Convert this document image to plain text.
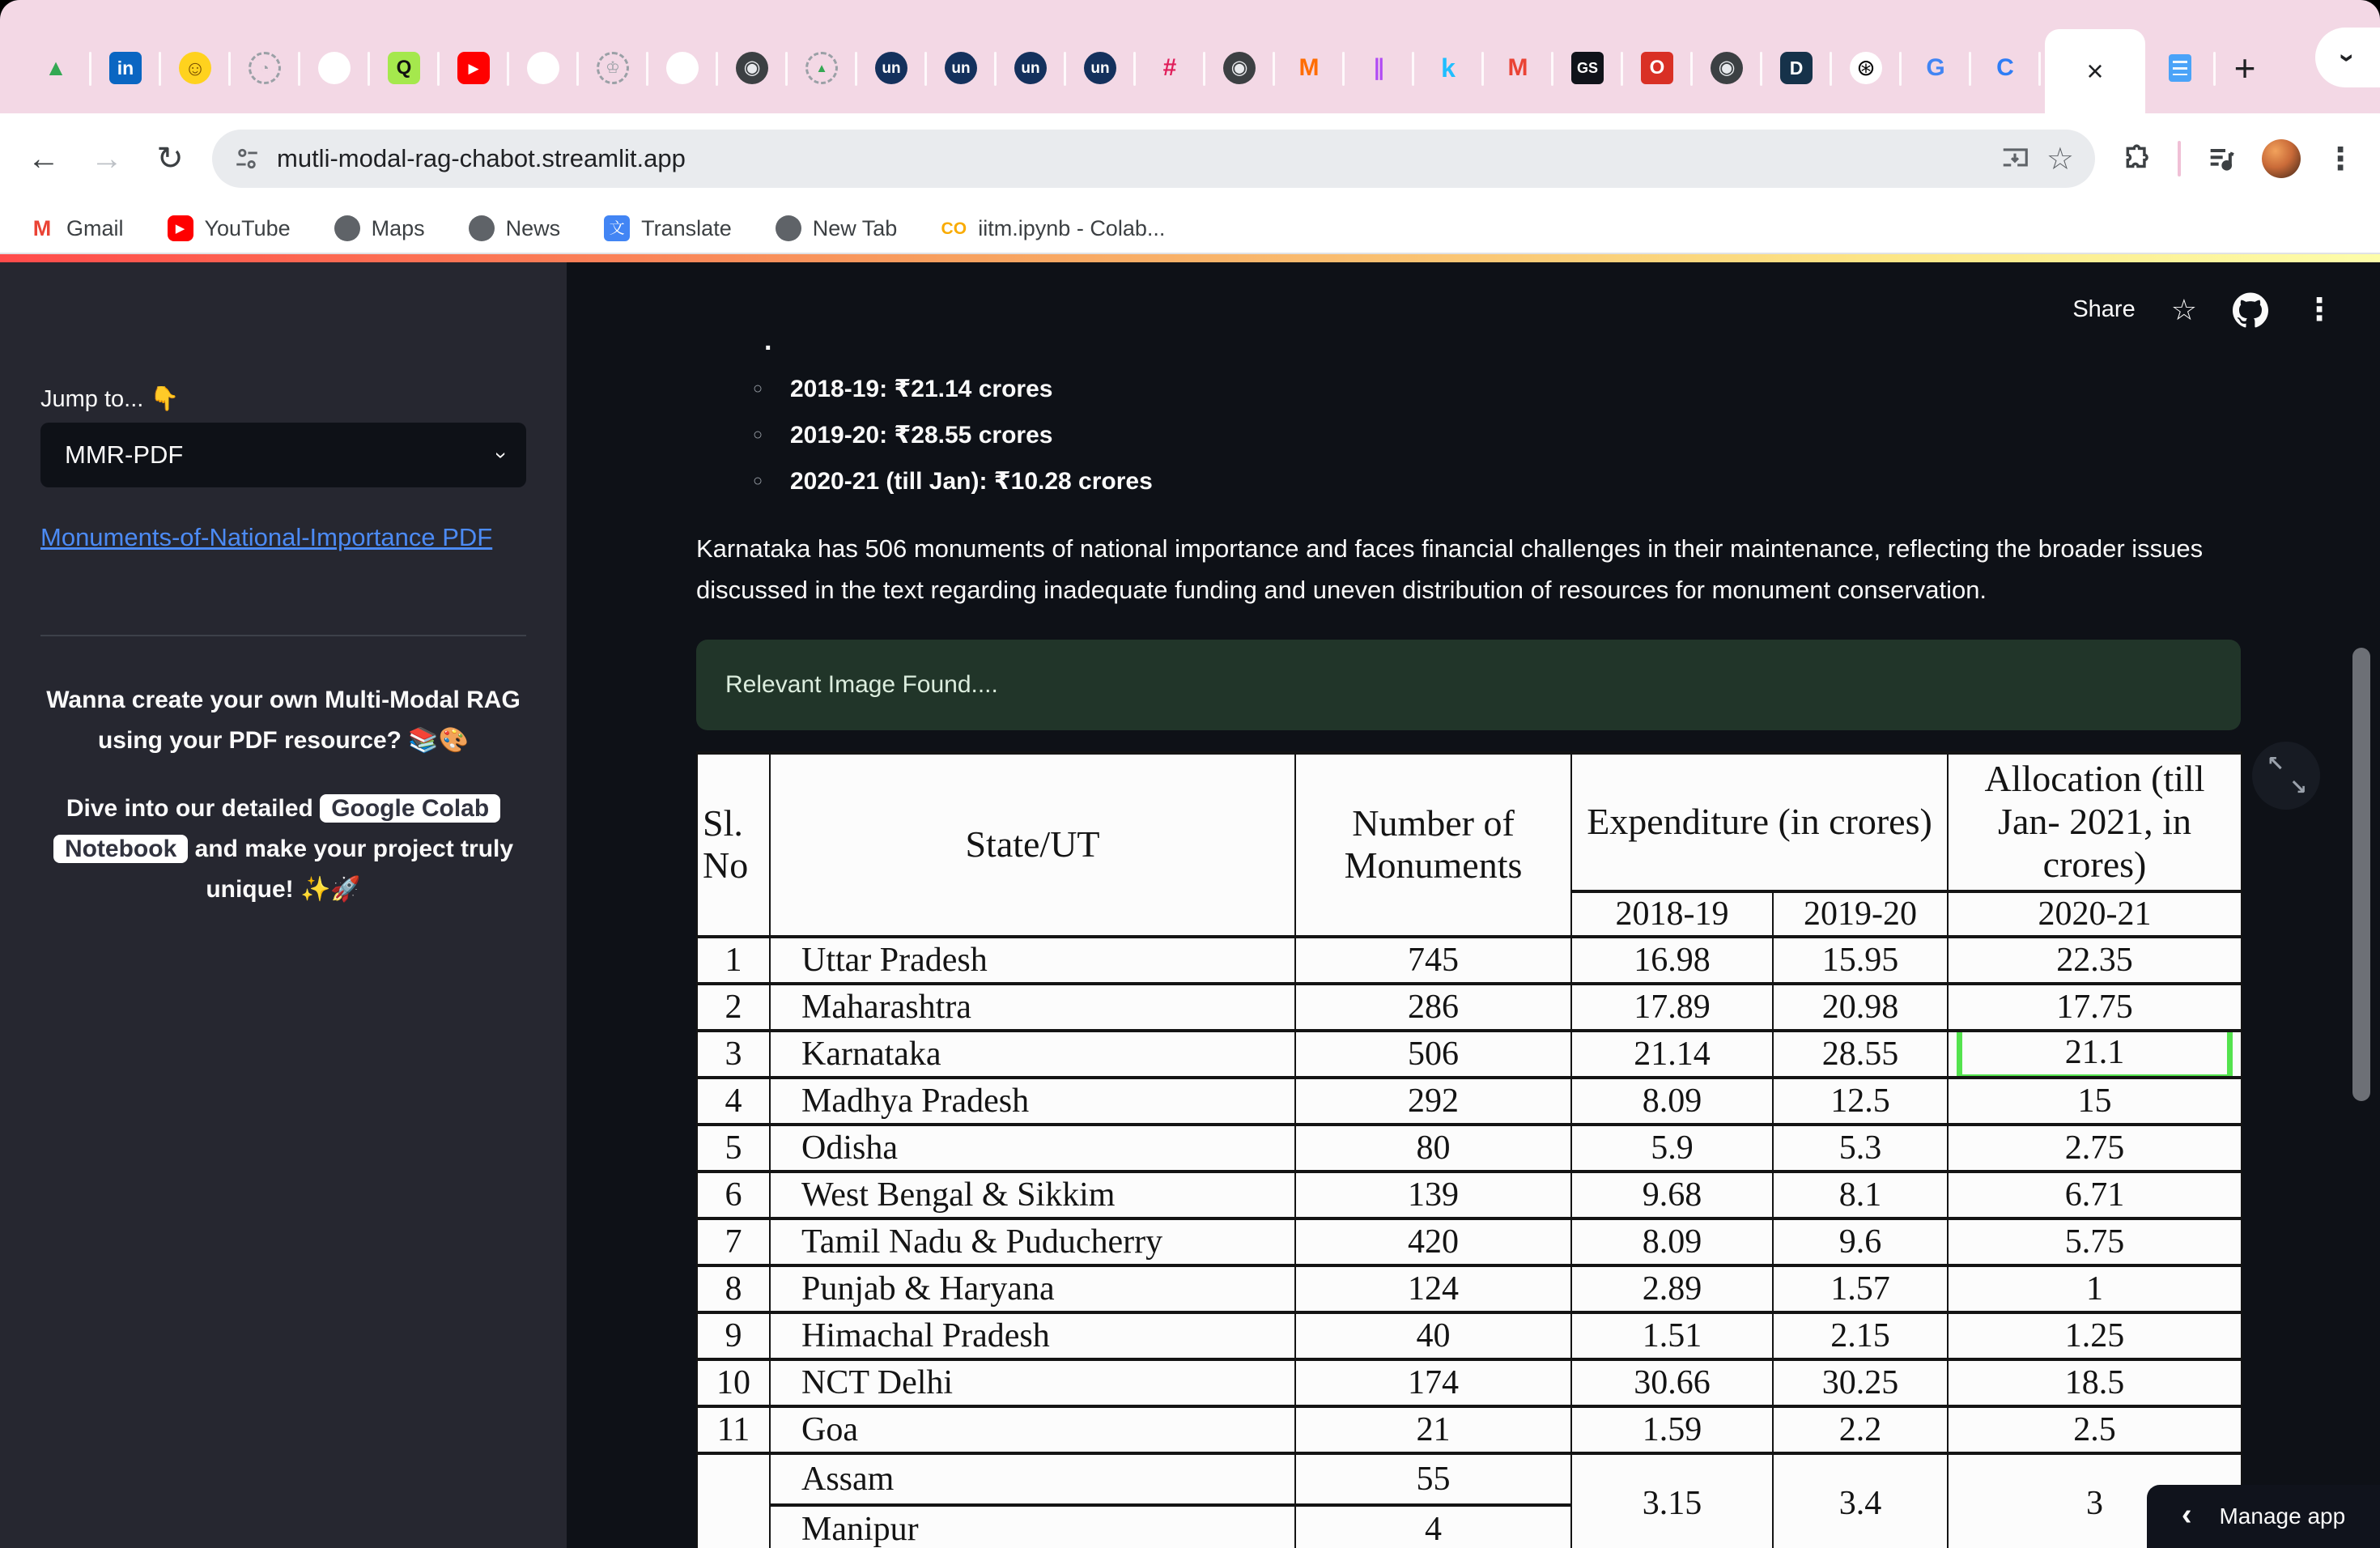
▲	in	☺	◔	Q	▶	♔	◉	▲	un	un	un	un	#	◉	M	∥	k	M	GS	O	◉	D	⊛ G	C ×	+	›
← → ↻	mutli-modal-rag-chabot.streamlit.app	☆	⋮
M Gmail	▶ YouTube	Maps	News	文 Translate	New Tab	CO iitm.ipynb - Colab...
Jump to... 👇
MMR-PDF	›
Monuments-of-National-Importance PDF

Wanna create your own Multi-Modal RAG using your PDF resource? 📚🎨

Dive into our detailed Google Colab Notebook and make your project truly unique! ✨🚀

Share ☆	⋮
.
○ 2018-19: ₹21.14 crores
○ 2019-20: ₹28.55 crores
○ 2020-21 (till Jan): ₹10.28 crores

Karnataka has 506 monuments of national importance and faces financial challenges in their maintenance, reflecting the broader issues discussed in the text regarding inadequate funding and uneven distribution of resources for monument conservation.

Relevant Image Found....
Sl. No	State/UT	Number of Monuments	Expenditure (in crores)		Allocation (till Jan- 2021, in crores)
			2018-19	2019-20	2020-21
1	Uttar Pradesh	745	16.98	15.95	22.35

2	Maharashtra	286	17.89	20.98	17.75

3	Karnataka	506	21.14	28.55	21.1

4	Madhya Pradesh	292	8.09	12.5	15

5	Odisha	80	5.9	5.3	2.75

6	West Bengal & Sikkim	139	9.68	8.1	6.71

7	Tamil Nadu & Puducherry	420	8.09	9.6	5.75

8	Punjab & Haryana	124	2.89	1.57	1

9	Himachal Pradesh	40	1.51	2.15	1.25

10	NCT Delhi	174	30.66	30.25	18.5

11	Goa	21	1.59	2.2	2.5

	Assam	55	3.15	3.4	3
	Manipur	4			
↖
↘
‹ Manage app
